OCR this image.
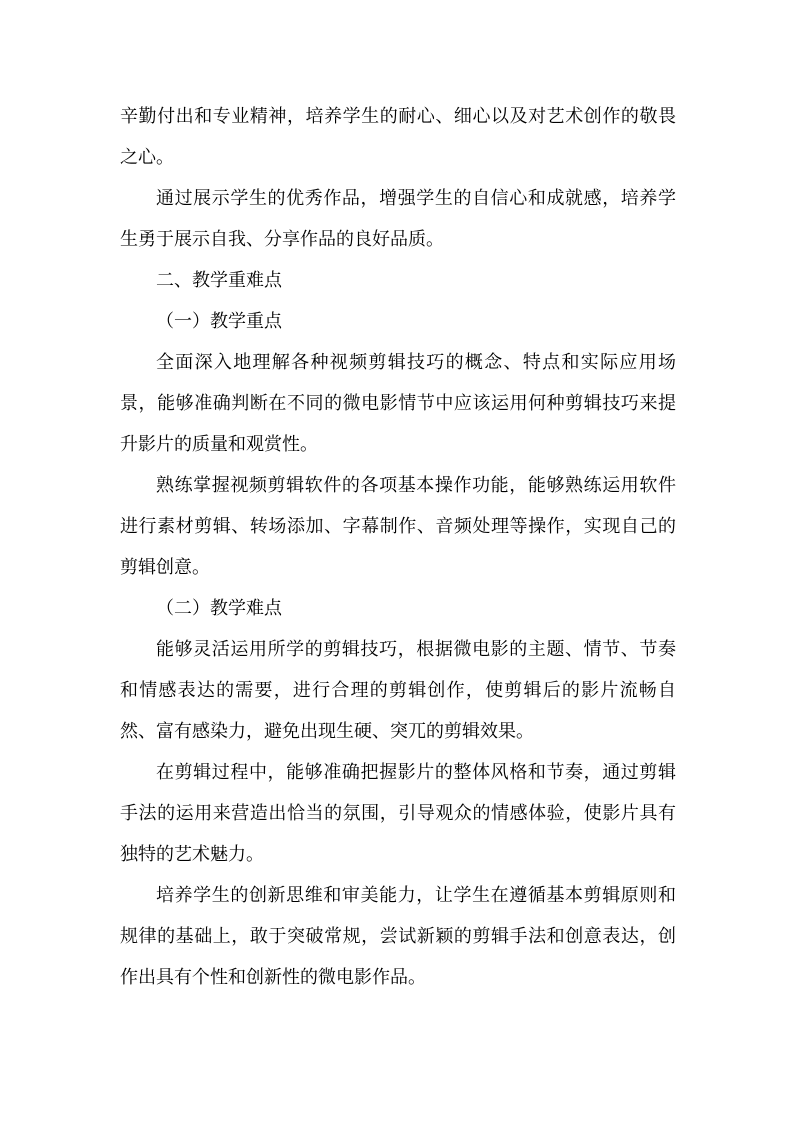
辛勤付出和专业精神，培养学生的耐心、细心以及对艺术创作的敬畏之心。

通过展示学生的优秀作品，增强学生的自信心和成就感，培养学生勇于展示自我、分享作品的良好品质。

二、教学重难点

（一）教学重点

全面深入地理解各种视频剪辑技巧的概念、特点和实际应用场景，能够准确判断在不同的微电影情节中应该运用何种剪辑技巧来提升影片的质量和观赏性。

熟练掌握视频剪辑软件的各项基本操作功能，能够熟练运用软件进行素材剪辑、转场添加、字幕制作、音频处理等操作，实现自己的剪辑创意。

（二）教学难点

能够灵活运用所学的剪辑技巧，根据微电影的主题、情节、节奏和情感表达的需要，进行合理的剪辑创作，使剪辑后的影片流畅自然、富有感染力，避免出现生硬、突兀的剪辑效果。

在剪辑过程中，能够准确把握影片的整体风格和节奏，通过剪辑手法的运用来营造出恰当的氛围，引导观众的情感体验，使影片具有独特的艺术魅力。

培养学生的创新思维和审美能力，让学生在遵循基本剪辑原则和规律的基础上，敢于突破常规，尝试新颖的剪辑手法和创意表达，创作出具有个性和创新性的微电影作品。
